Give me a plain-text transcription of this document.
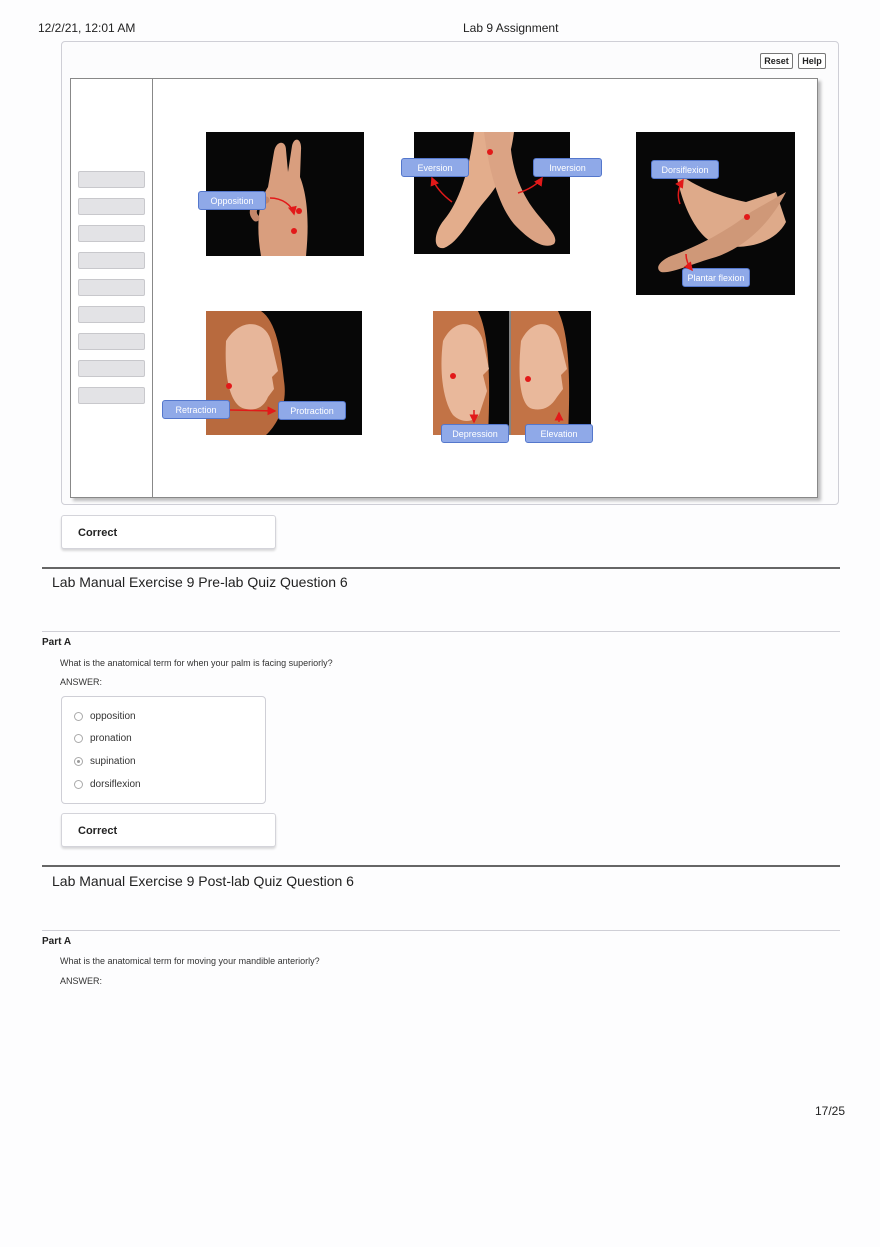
12/2/21, 12:01 AM	Lab 9 Assignment
Reset	Help
Opposition
Eversion	Inversion	Dorsiflexion
Plantar flexion
Retraction	Protraction
Depression	Elevation
Correct
Lab Manual Exercise 9 Pre-lab Quiz Question 6
Part A
What is the anatomical term for when your palm is facing superiorly?
ANSWER:
opposition
pronation
supination
dorsiflexion
Correct
Lab Manual Exercise 9 Post-lab Quiz Question 6
Part A
What is the anatomical term for moving your mandible anteriorly?
ANSWER:
17/25
